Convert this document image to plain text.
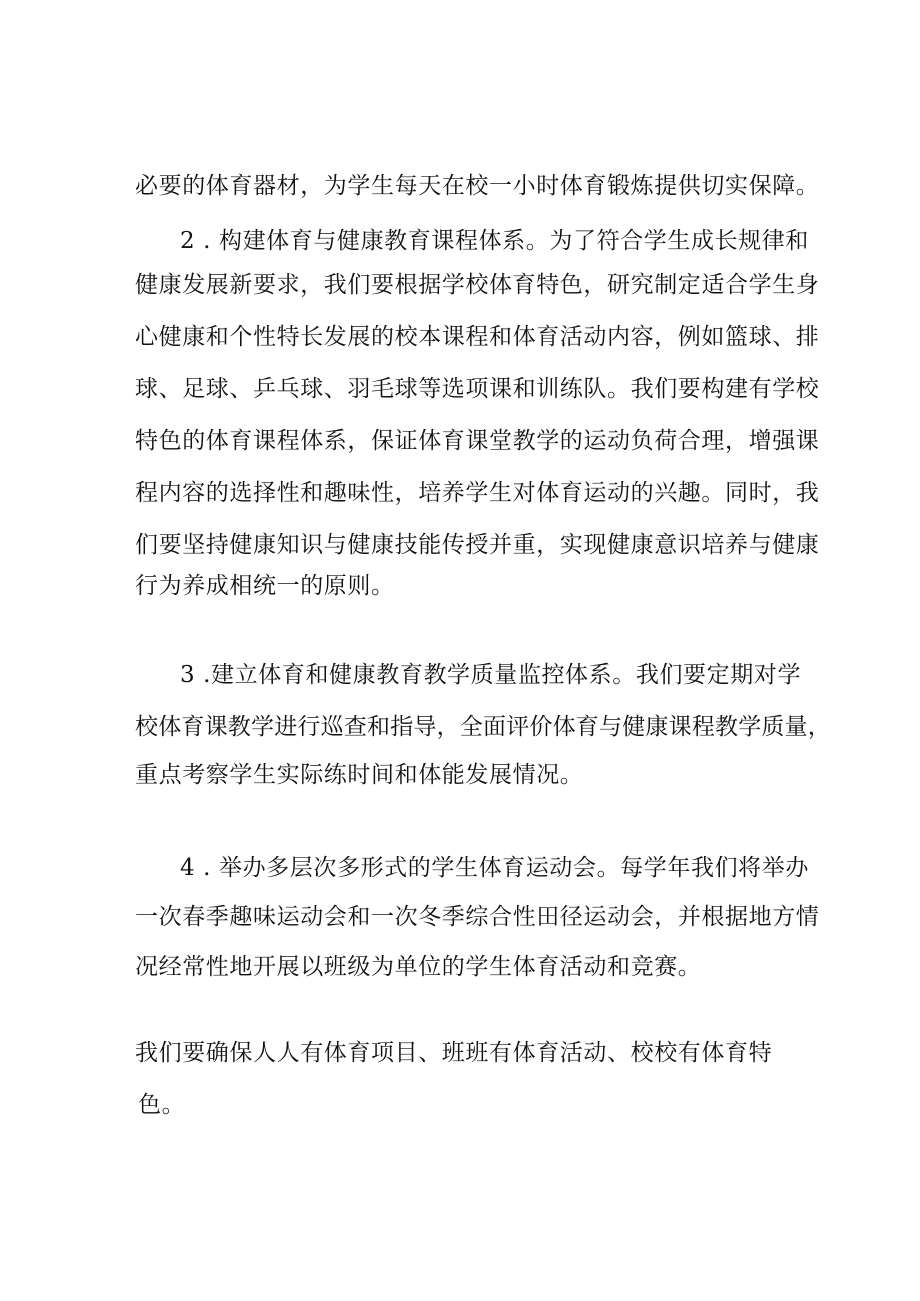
必要的体育器材，为学生每天在校一小时体育锻炼提供切实保障。
2 . 构建体育与健康教育课程体系。为了符合学生成长规律和
健康发展新要求，我们要根据学校体育特色，研究制定适合学生身
心健康和个性特长发展的校本课程和体育活动内容，例如篮球、排
球、足球、乒乓球、羽毛球等选项课和训练队。我们要构建有学校
特色的体育课程体系，保证体育课堂教学的运动负荷合理，增强课
程内容的选择性和趣味性，培养学生对体育运动的兴趣。同时，我
们要坚持健康知识与健康技能传授并重，实现健康意识培养与健康
行为养成相统一的原则。
3 .建立体育和健康教育教学质量监控体系。我们要定期对学
校体育课教学进行巡查和指导，全面评价体育与健康课程教学质量，
重点考察学生实际练时间和体能发展情况。
4 . 举办多层次多形式的学生体育运动会。每学年我们将举办
一次春季趣味运动会和一次冬季综合性田径运动会，并根据地方情
况经常性地开展以班级为单位的学生体育活动和竞赛。
我们要确保人人有体育项目、班班有体育活动、校校有体育特
色。
